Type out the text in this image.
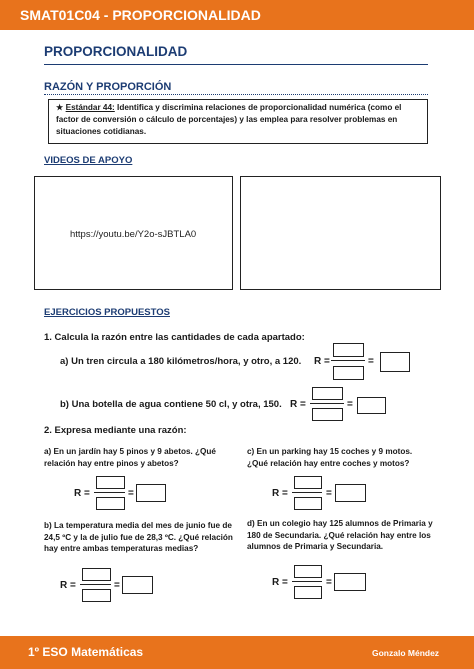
SMAT01C04 - PROPORCIONALIDAD
PROPORCIONALIDAD
RAZÓN Y PROPORCIÓN
★ Estándar 44: Identifica y discrimina relaciones de proporcionalidad numérica (como el factor de conversión o cálculo de porcentajes) y las emplea para resolver problemas en situaciones cotidianas.
VIDEOS DE APOYO
https://youtu.be/Y2o-sJBTLA0
EJERCICIOS PROPUESTOS
1. Calcula la razón entre las cantidades de cada apartado:
a) Un tren circula a 180 kilómetros/hora, y otro, a 120. R =	=
b) Una botella de agua contiene 50 cl, y otra, 150. R =	=
2. Expresa mediante una razón:
a) En un jardín hay 5 pinos y 9 abetos. ¿Qué relación hay entre pinos y abetos?
R =	=
c) En un parking hay 15 coches y 9 motos. ¿Qué relación hay entre coches y motos?
R =	=
b) La temperatura media del mes de junio fue de 24,5 ºC y la de julio fue de 28,3 ºC. ¿Qué relación hay entre ambas temperaturas medias?
R =	=
d) En un colegio hay 125 alumnos de Primaria y 180 de Secundaria. ¿Qué relación hay entre los alumnos de Primaria y Secundaria.
R =	=
1º ESO Matemáticas	Gonzalo Méndez
